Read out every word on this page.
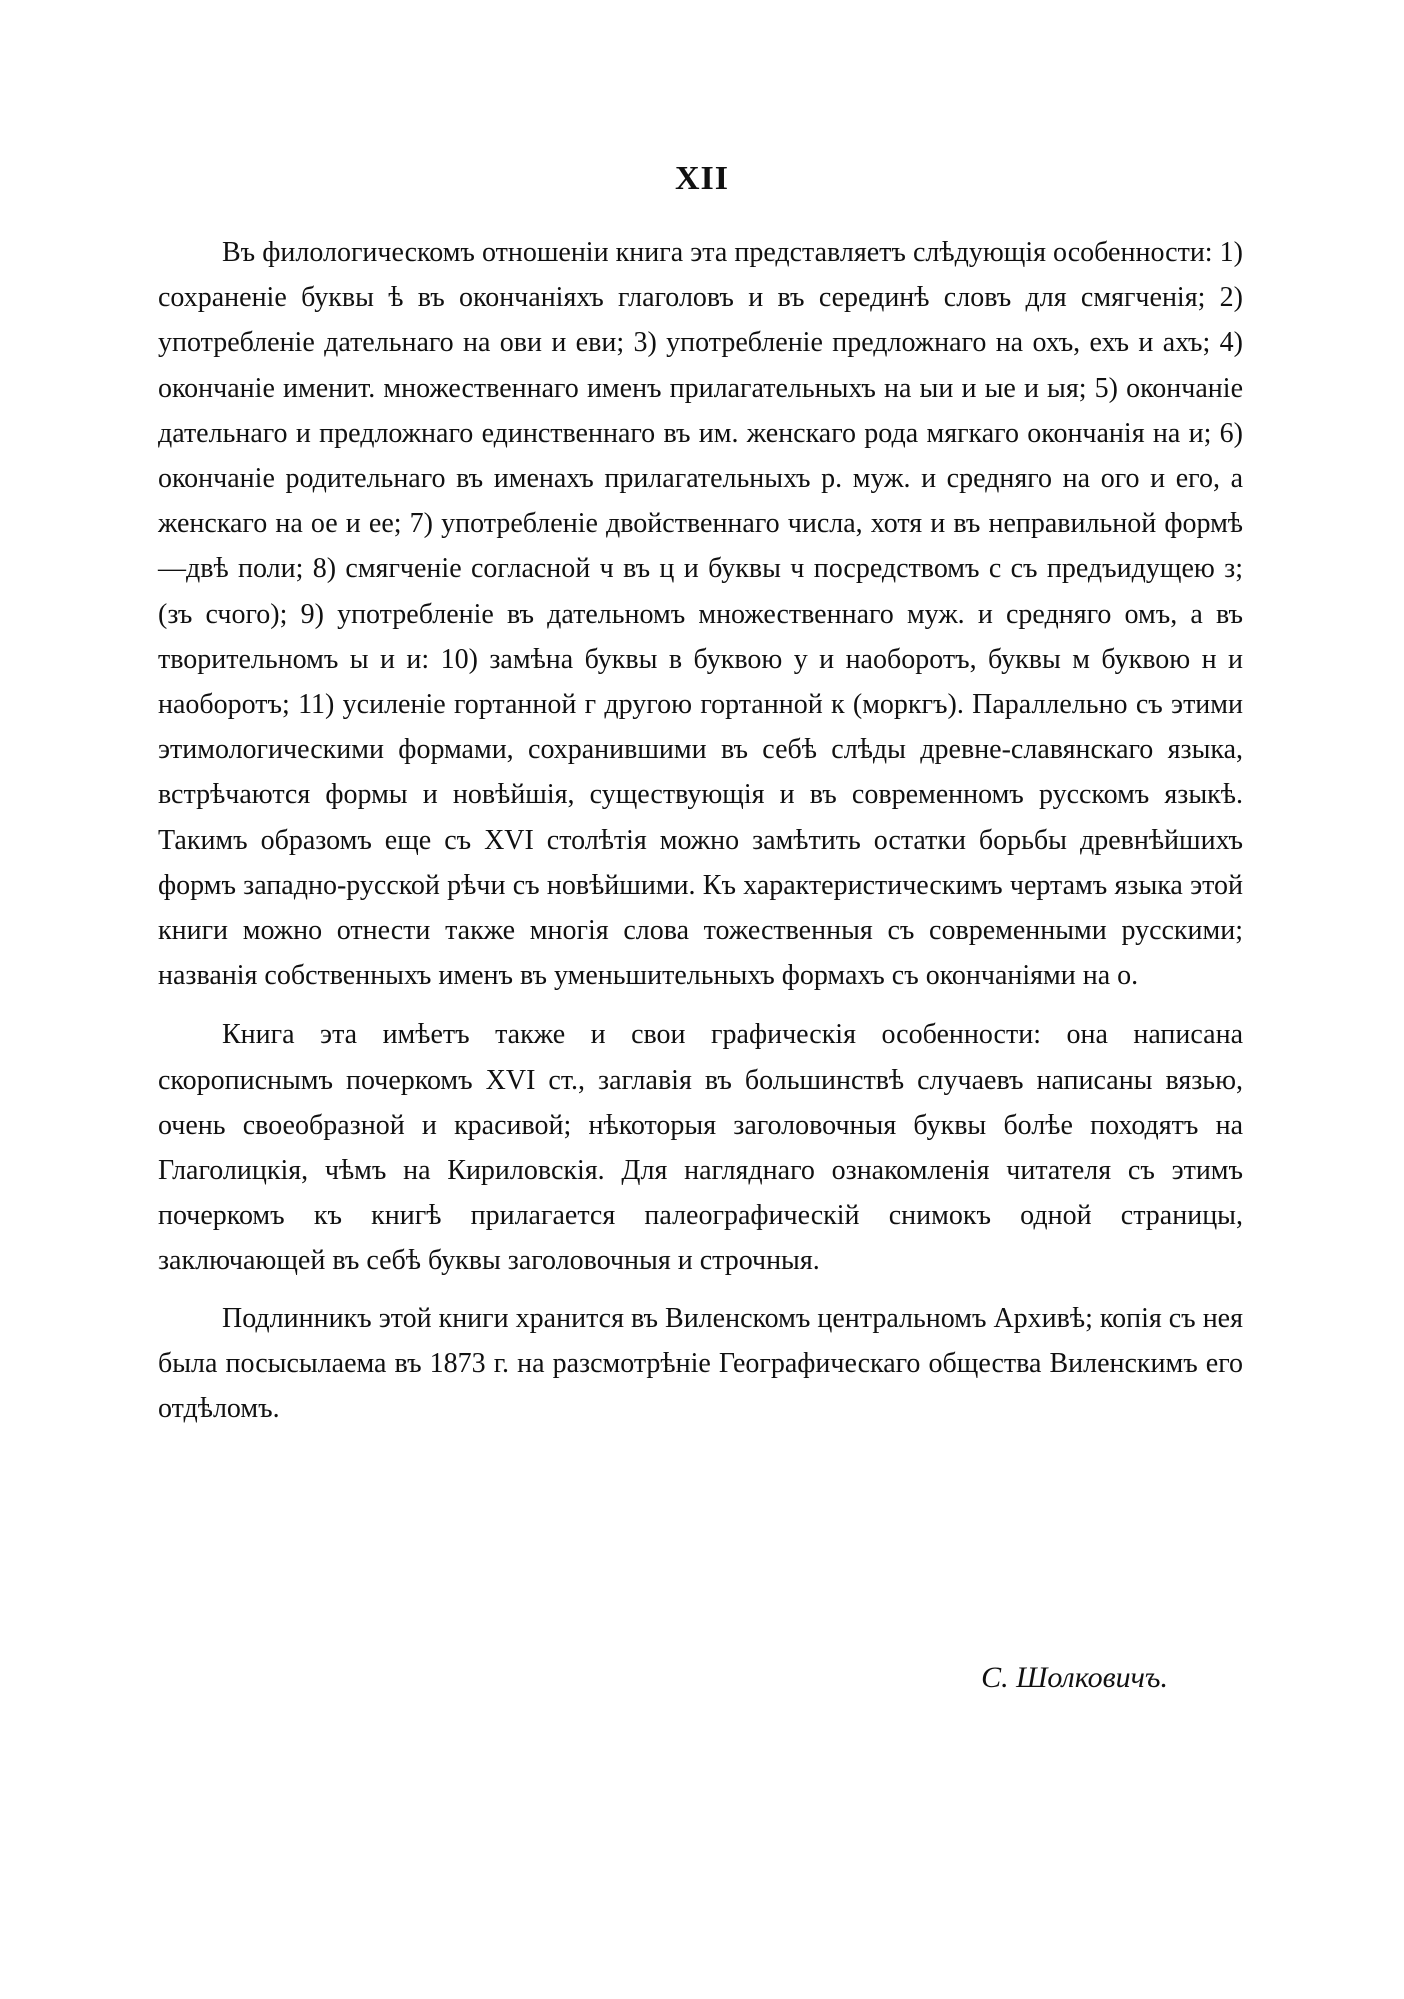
XII

Въ филологическомъ отношеніи книга эта представляетъ слѣдующія особенности: 1) сохраненіе буквы ѣ въ окончаніяхъ глаголовъ и въ серединѣ словъ для смягченія; 2) употребленіе дательнаго на ови и еви; 3) употребленіе предложнаго на охъ, ехъ и ахъ; 4) окончаніе именит. множественнаго именъ прилагательныхъ на ыи и ые и ыя; 5) окончаніе дательнаго и предложнаго единственнаго въ им. женскаго рода мягкаго окончанія на и; 6) окончаніе родительнаго въ именахъ прилагательныхъ р. муж. и средняго на ого и его, а женскаго на ое и ее; 7) употребленіе двойственнаго числа, хотя и въ неправильной формѣ—двѣ поли; 8) смягченіе согласной ч въ ц и буквы ч посредствомъ с съ предъидущею з; (зъ счого); 9) употребленіе въ дательномъ множественнаго муж. и средняго омъ, а въ творительномъ ы и и: 10) замѣна буквы в буквою у и наоборотъ, буквы м буквою н и наоборотъ; 11) усиленіе гортанной г другою гортанной к (моркгъ). Параллельно съ этими этимологическими формами, сохранившими въ себѣ слѣды древне-славянскаго языка, встрѣчаются формы и новѣйшія, существующія и въ современномъ русскомъ языкѣ. Такимъ образомъ еще съ XVI столѣтія можно замѣтить остатки борьбы древнѣйшихъ формъ западно-русской рѣчи съ новѣйшими. Къ характеристическимъ чертамъ языка этой книги можно отнести также многія слова тожественныя съ современными русскими; названія собственныхъ именъ въ уменьшительныхъ формахъ съ окончаніями на о.

Книга эта имѣетъ также и свои графическія особенности: она написана скорописнымъ почеркомъ XVI ст., заглавія въ большинствѣ случаевъ написаны вязью, очень своеобразной и красивой; нѣкоторыя заголовочныя буквы болѣе походятъ на Глаголицкія, чѣмъ на Кириловскія. Для нагляднаго ознакомленія читателя съ этимъ почеркомъ къ книгѣ прилагается палеографическій снимокъ одной страницы, заключающей въ себѣ буквы заголовочныя и строчныя.

Подлинникъ этой книги хранится въ Виленскомъ центральномъ Архивѣ; копія съ нея была посысылаема въ 1873 г. на разсмотрѣніе Географическаго общества Виленскимъ его отдѣломъ.

С. Шолковичъ.
